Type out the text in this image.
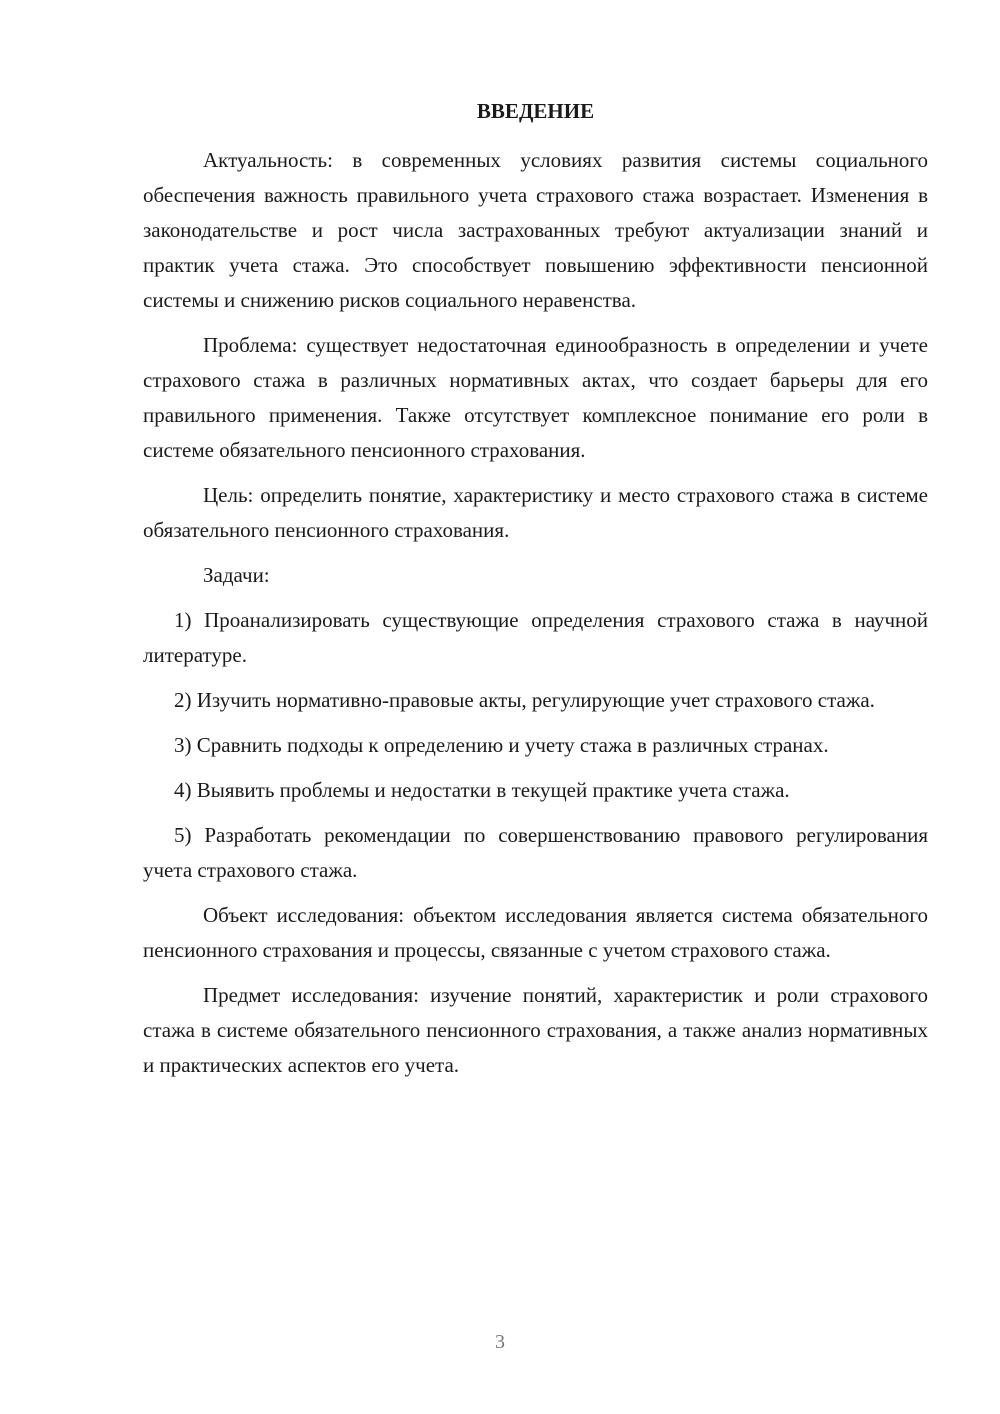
ВВЕДЕНИЕ

Актуальность: в современных условиях развития системы социального обеспечения важность правильного учета страхового стажа возрастает. Изменения в законодательстве и рост числа застрахованных требуют актуализации знаний и практик учета стажа. Это способствует повышению эффективности пенсионной системы и снижению рисков социального неравенства.

Проблема: существует недостаточная единообразность в определении и учете страхового стажа в различных нормативных актах, что создает барьеры для его правильного применения. Также отсутствует комплексное понимание его роли в системе обязательного пенсионного страхования.

Цель: определить понятие, характеристику и место страхового стажа в системе обязательного пенсионного страхования.

Задачи:

1) Проанализировать существующие определения страхового стажа в научной литературе.

2) Изучить нормативно-правовые акты, регулирующие учет страхового стажа.

3) Сравнить подходы к определению и учету стажа в различных странах.

4) Выявить проблемы и недостатки в текущей практике учета стажа.

5) Разработать рекомендации по совершенствованию правового регулирования учета страхового стажа.

Объект исследования: объектом исследования является система обязательного пенсионного страхования и процессы, связанные с учетом страхового стажа.

Предмет исследования: изучение понятий, характеристик и роли страхового стажа в системе обязательного пенсионного страхования, а также анализ нормативных и практических аспектов его учета.

3
